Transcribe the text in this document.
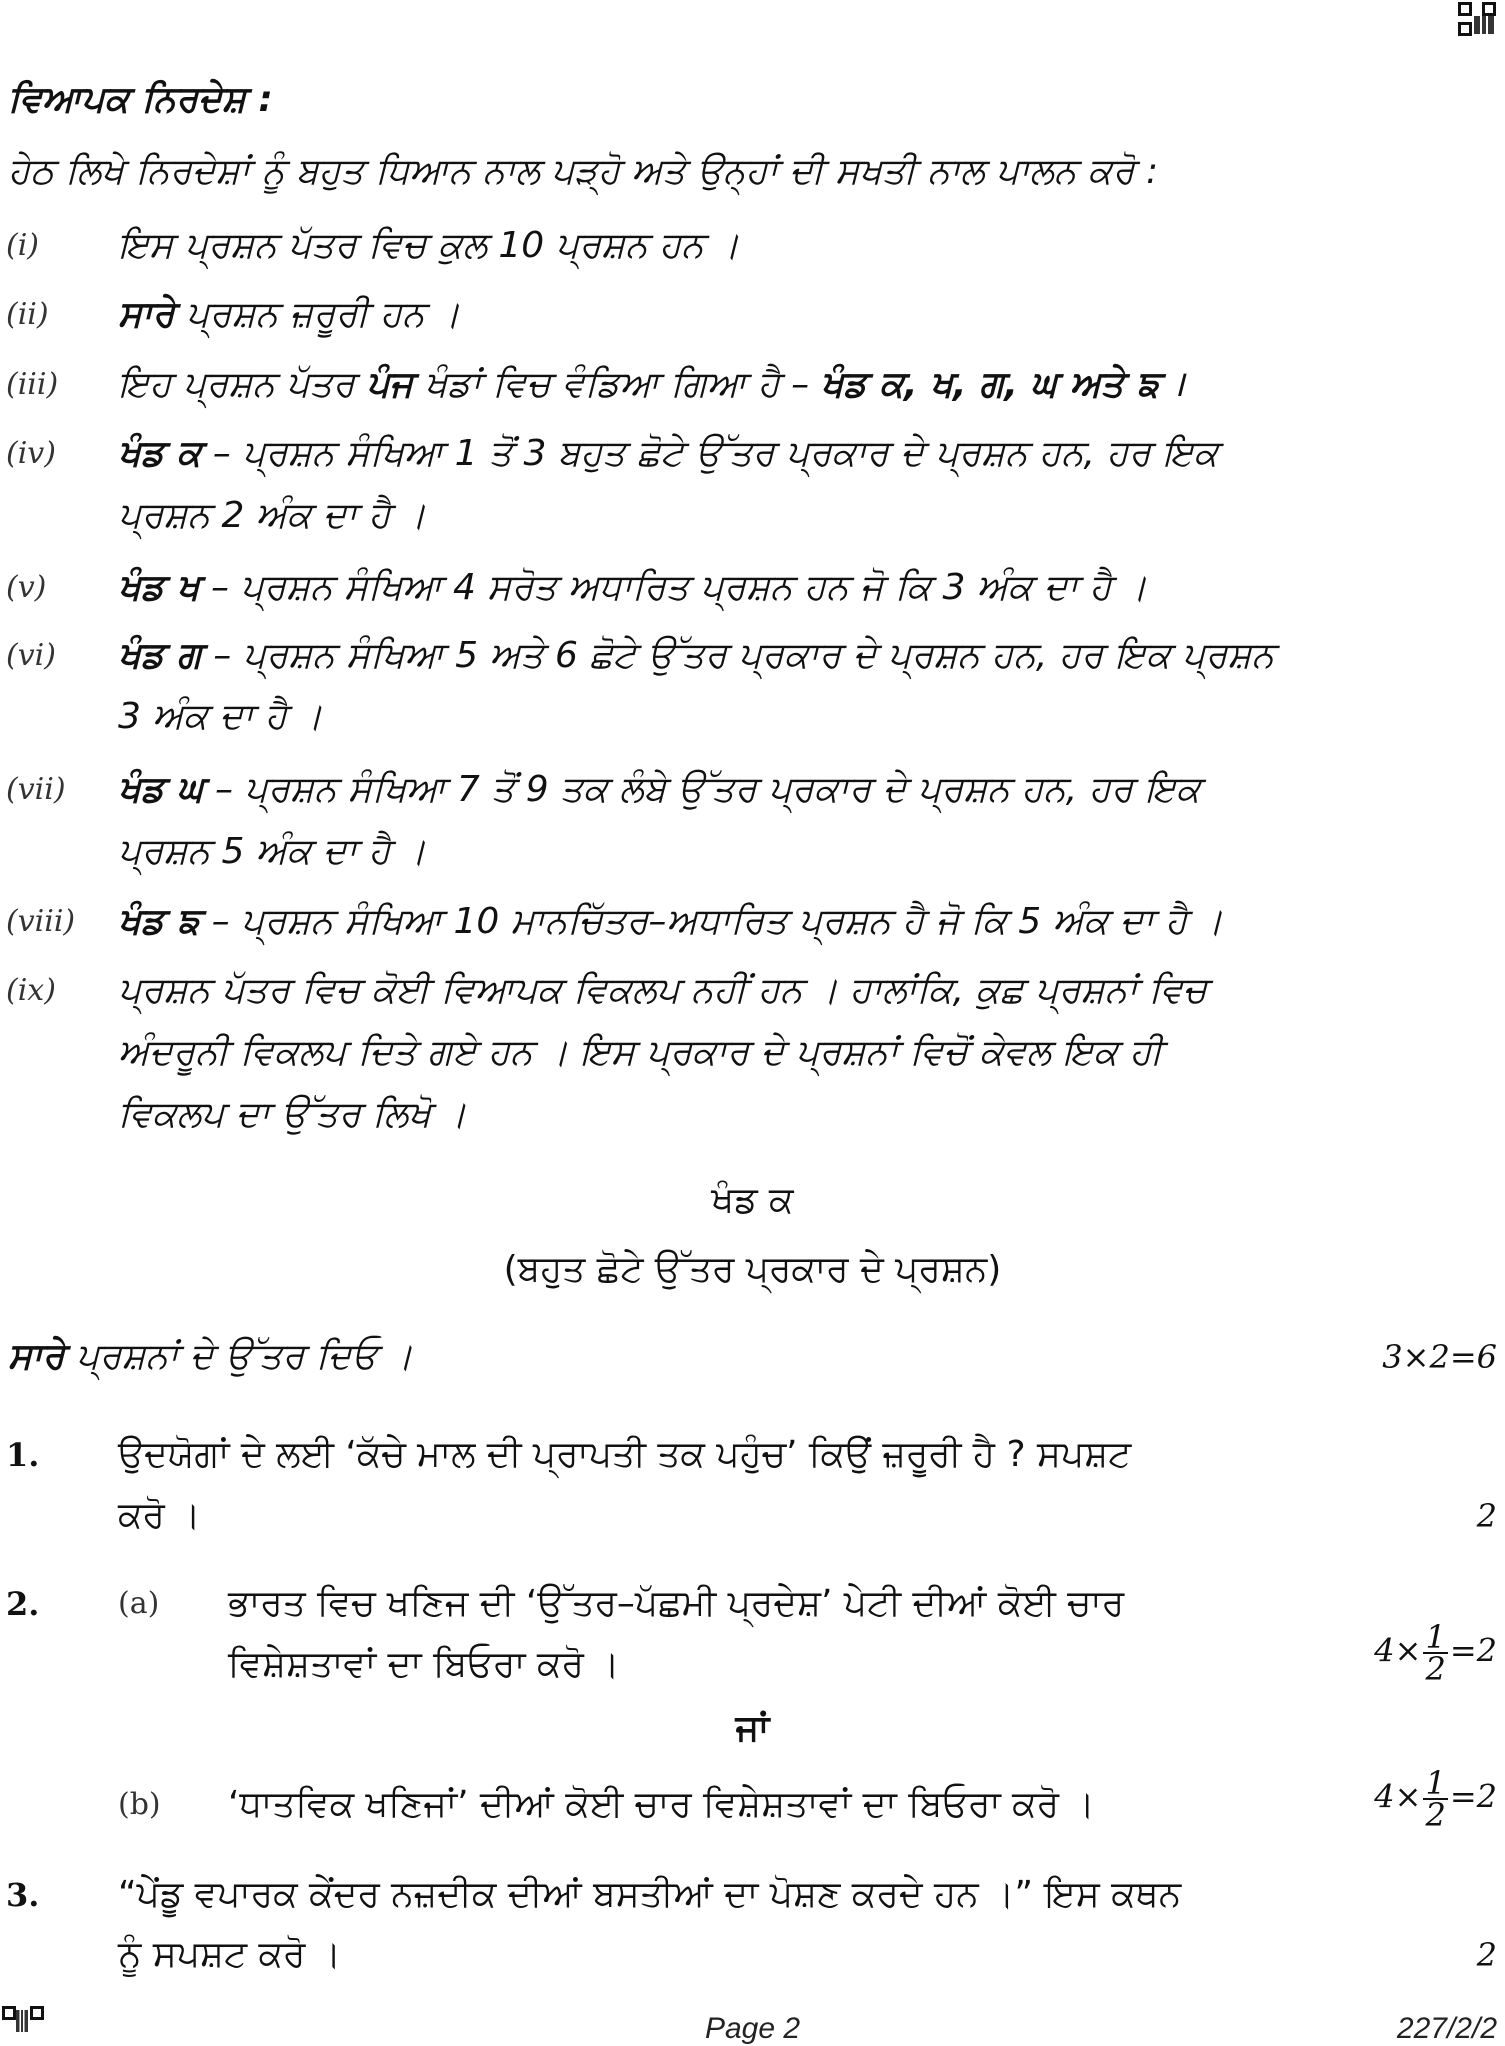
ਵਿਆਪਕ ਨਿਰਦੇਸ਼ :
ਹੇਠ ਲਿਖੇ ਨਿਰਦੇਸ਼ਾਂ ਨੂੰ ਬਹੁਤ ਧਿਆਨ ਨਾਲ ਪੜ੍ਹੋ ਅਤੇ ਉਨ੍ਹਾਂ ਦੀ ਸਖਤੀ ਨਾਲ ਪਾਲਨ ਕਰੋ :
(i) ਇਸ ਪ੍ਰਸ਼ਨ ਪੱਤਰ ਵਿਚ ਕੁਲ 10 ਪ੍ਰਸ਼ਨ ਹਨ ।
(ii) ਸਾਰੇ ਪ੍ਰਸ਼ਨ ਜ਼ਰੂਰੀ ਹਨ ।
(iii) ਇਹ ਪ੍ਰਸ਼ਨ ਪੱਤਰ ਪੰਜ ਖੰਡਾਂ ਵਿਚ ਵੰਡਿਆ ਗਿਆ ਹੈ – ਖੰਡ ਕ, ਖ, ਗ, ਘ ਅਤੇ ਙ ।
(iv) ਖੰਡ ਕ – ਪ੍ਰਸ਼ਨ ਸੰਖਿਆ 1 ਤੋਂ 3 ਬਹੁਤ ਛੋਟੇ ਉੱਤਰ ਪ੍ਰਕਾਰ ਦੇ ਪ੍ਰਸ਼ਨ ਹਨ, ਹਰ ਇਕ
ਪ੍ਰਸ਼ਨ 2 ਅੰਕ ਦਾ ਹੈ ।
(v) ਖੰਡ ਖ – ਪ੍ਰਸ਼ਨ ਸੰਖਿਆ 4 ਸਰੋਤ ਅਧਾਰਿਤ ਪ੍ਰਸ਼ਨ ਹਨ ਜੋ ਕਿ 3 ਅੰਕ ਦਾ ਹੈ ।
(vi) ਖੰਡ ਗ – ਪ੍ਰਸ਼ਨ ਸੰਖਿਆ 5 ਅਤੇ 6 ਛੋਟੇ ਉੱਤਰ ਪ੍ਰਕਾਰ ਦੇ ਪ੍ਰਸ਼ਨ ਹਨ, ਹਰ ਇਕ ਪ੍ਰਸ਼ਨ
3 ਅੰਕ ਦਾ ਹੈ ।
(vii) ਖੰਡ ਘ – ਪ੍ਰਸ਼ਨ ਸੰਖਿਆ 7 ਤੋਂ 9 ਤਕ ਲੰਬੇ ਉੱਤਰ ਪ੍ਰਕਾਰ ਦੇ ਪ੍ਰਸ਼ਨ ਹਨ, ਹਰ ਇਕ
ਪ੍ਰਸ਼ਨ 5 ਅੰਕ ਦਾ ਹੈ ।
(viii) ਖੰਡ ਙ – ਪ੍ਰਸ਼ਨ ਸੰਖਿਆ 10 ਮਾਨਚਿੱਤਰ–ਅਧਾਰਿਤ ਪ੍ਰਸ਼ਨ ਹੈ ਜੋ ਕਿ 5 ਅੰਕ ਦਾ ਹੈ ।
(ix) ਪ੍ਰਸ਼ਨ ਪੱਤਰ ਵਿਚ ਕੋਈ ਵਿਆਪਕ ਵਿਕਲਪ ਨਹੀਂ ਹਨ । ਹਾਲਾਂਕਿ, ਕੁਛ ਪ੍ਰਸ਼ਨਾਂ ਵਿਚ
ਅੰਦਰੂਨੀ ਵਿਕਲਪ ਦਿਤੇ ਗਏ ਹਨ । ਇਸ ਪ੍ਰਕਾਰ ਦੇ ਪ੍ਰਸ਼ਨਾਂ ਵਿਚੋਂ ਕੇਵਲ ਇਕ ਹੀ
ਵਿਕਲਪ ਦਾ ਉੱਤਰ ਲਿਖੋ ।
ਖੰਡ ਕ
(ਬਹੁਤ ਛੋਟੇ ਉੱਤਰ ਪ੍ਰਕਾਰ ਦੇ ਪ੍ਰਸ਼ਨ)
ਸਾਰੇ ਪ੍ਰਸ਼ਨਾਂ ਦੇ ਉੱਤਰ ਦਿਓ ।	3×2=6
1. ਉਦਯੋਗਾਂ ਦੇ ਲਈ ‘ਕੱਚੇ ਮਾਲ ਦੀ ਪ੍ਰਾਪਤੀ ਤਕ ਪਹੁੰਚ’ ਕਿਉਂ ਜ਼ਰੂਰੀ ਹੈ ? ਸਪਸ਼ਟ
ਕਰੋ ।	2
2.	(a) ਭਾਰਤ ਵਿਚ ਖਣਿਜ ਦੀ ‘ਉੱਤਰ–ਪੱਛਮੀ ਪ੍ਰਦੇਸ਼’ ਪੇਟੀ ਦੀਆਂ ਕੋਈ ਚਾਰ
ਵਿਸ਼ੇਸ਼ਤਾਵਾਂ ਦਾ ਬਿਓਰਾ ਕਰੋ ।	$4\times \frac{1}{2} =2$
ਜਾਂ
(b) ‘ਧਾਤਵਿਕ ਖਣਿਜਾਂ’ ਦੀਆਂ ਕੋਈ ਚਾਰ ਵਿਸ਼ੇਸ਼ਤਾਵਾਂ ਦਾ ਬਿਓਰਾ ਕਰੋ ।	$4\times \frac{1}{2} =2$
3. “ਪੇਂਡੂ ਵਪਾਰਕ ਕੇਂਦਰ ਨਜ਼ਦੀਕ ਦੀਆਂ ਬਸਤੀਆਂ ਦਾ ਪੋਸ਼ਣ ਕਰਦੇ ਹਨ ।” ਇਸ ਕਥਨ
ਨੂੰ ਸਪਸ਼ਟ ਕਰੋ ।	2
Page 2	227/2/2
